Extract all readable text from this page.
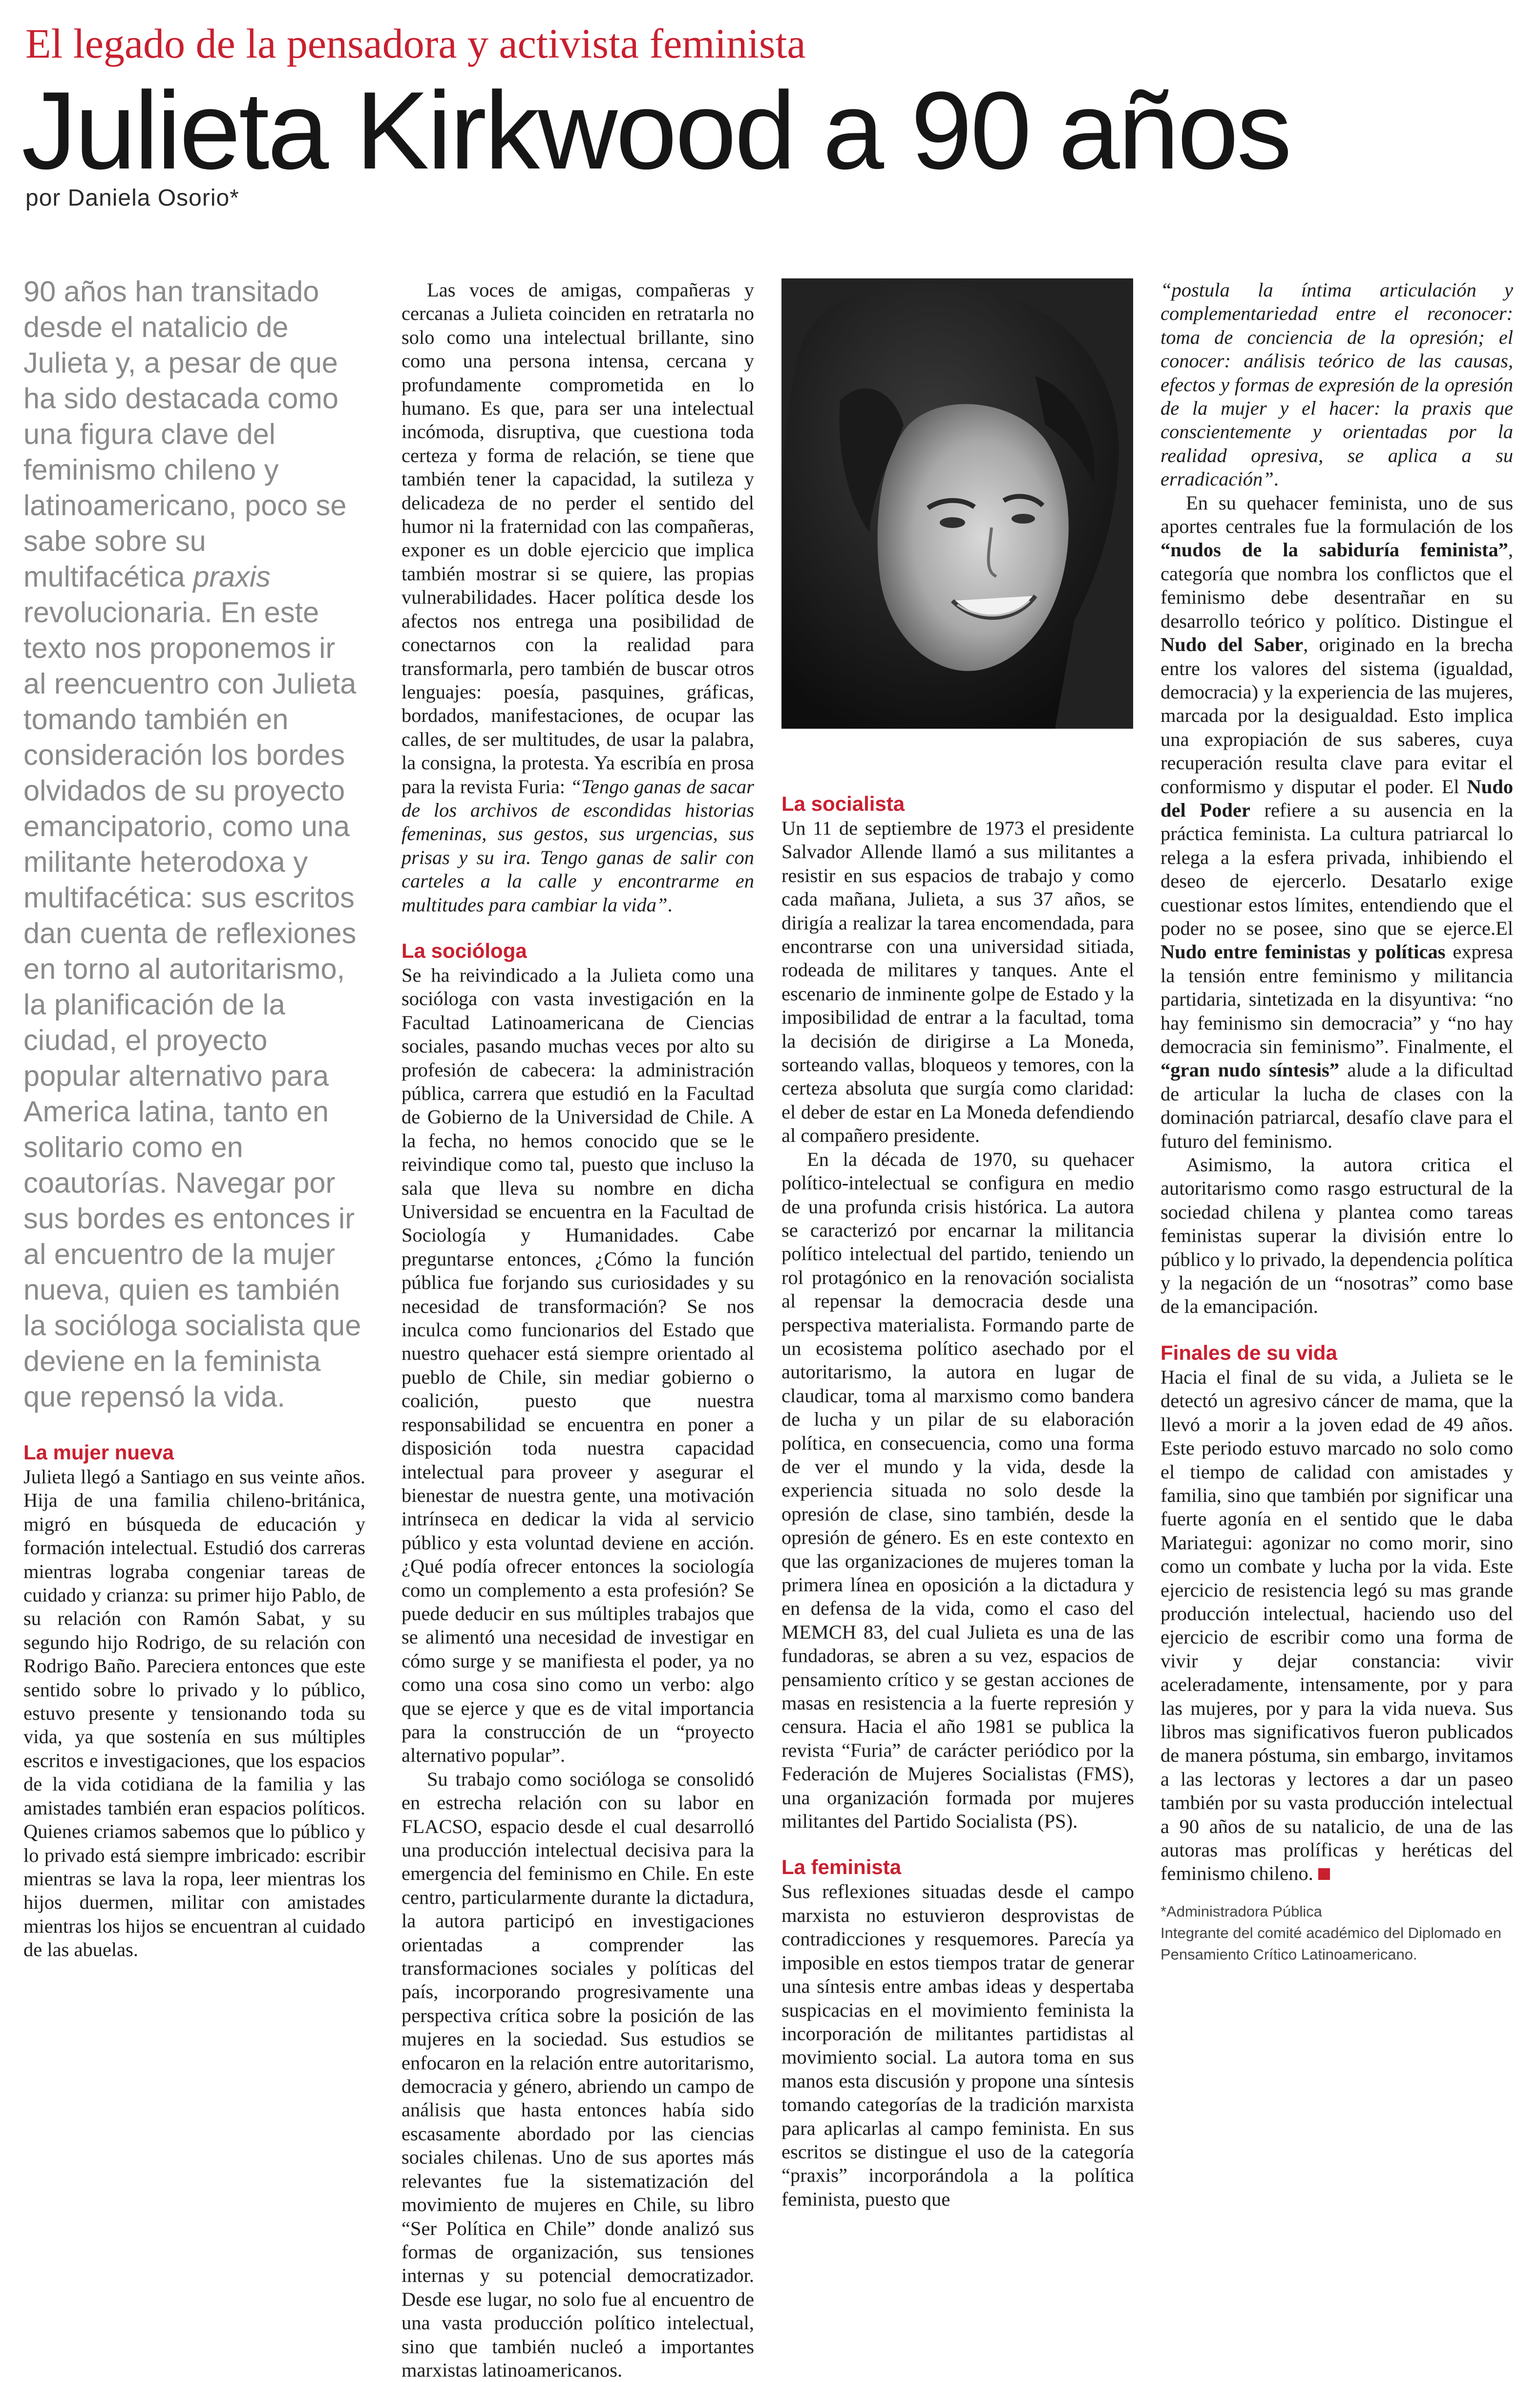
El legado de la pensadora y activista feminista
Julieta Kirkwood a 90 años
por Daniela Osorio*
90 años han transitado desde el natalicio de Julieta y, a pesar de que ha sido destacada como una figura clave del feminismo chileno y latinoamericano, poco se sabe sobre su multifacética praxis revolucionaria. En este texto nos proponemos ir al reencuentro con Julieta tomando también en consideración los bordes olvidados de su proyecto emancipatorio, como una militante heterodoxa y multifacética: sus escritos dan cuenta de reflexiones en torno al autoritarismo, la planificación de la ciudad, el proyecto popular alternativo para America latina, tanto en solitario como en coautorías. Navegar por sus bordes es entonces ir al encuentro de la mujer nueva, quien es también la socióloga socialista que deviene en la feminista que repensó la vida.
La mujer nueva

Julieta llegó a Santiago en sus veinte años. Hija de una familia chileno-británica, migró en búsqueda de educación y formación intelectual. Estudió dos carreras mientras lograba congeniar tareas de cuidado y crianza: su primer hijo Pablo, de su relación con Ramón Sabat, y su segundo hijo Rodrigo, de su relación con Rodrigo Baño. Pareciera entonces que este sentido sobre lo privado y lo público, estuvo presente y tensionando toda su vida, ya que sostenía en sus múltiples escritos e investigaciones, que los espacios de la vida cotidiana de la familia y las amistades también eran espacios políticos. Quienes criamos sabemos que lo público y lo privado está siempre imbricado: escribir mientras se lava la ropa, leer mientras los hijos duermen, militar con amistades mientras los hijos se encuentran al cuidado de las abuelas.

Las voces de amigas, compañeras y cercanas a Julieta coinciden en retratarla no solo como una intelectual brillante, sino como una persona intensa, cercana y profundamente comprometida en lo humano. Es que, para ser una intelectual incómoda, disruptiva, que cuestiona toda certeza y forma de relación, se tiene que también tener la capacidad, la sutileza y delicadeza de no perder el sentido del humor ni la fraternidad con las compañeras, exponer es un doble ejercicio que implica también mostrar si se quiere, las propias vulnerabilidades. Hacer política desde los afectos nos entrega una posibilidad de conectarnos con la realidad para transformarla, pero también de buscar otros lenguajes: poesía, pasquines, gráficas, bordados, manifestaciones, de ocupar las calles, de ser multitudes, de usar la palabra, la consigna, la protesta. Ya escribía en prosa para la revista Furia: “Tengo ganas de sacar de los archivos de escondidas historias femeninas, sus gestos, sus urgencias, sus prisas y su ira. Tengo ganas de salir con carteles a la calle y encontrarme en multitudes para cambiar la vida”.

La socióloga

Se ha reivindicado a la Julieta como una socióloga con vasta investigación en la Facultad Latinoamericana de Ciencias sociales, pasando muchas veces por alto su profesión de cabecera: la administración pública, carrera que estudió en la Facultad de Gobierno de la Universidad de Chile. A la fecha, no hemos conocido que se le reivindique como tal, puesto que incluso la sala que lleva su nombre en dicha Universidad se encuentra en la Facultad de Sociología y Humanidades. Cabe preguntarse entonces, ¿Cómo la función pública fue forjando sus curiosidades y su necesidad de transformación? Se nos inculca como funcionarios del Estado que nuestro quehacer está siempre orientado al pueblo de Chile, sin mediar gobierno o coalición, puesto que nuestra responsabilidad se encuentra en poner a disposición toda nuestra capacidad intelectual para proveer y asegurar el bienestar de nuestra gente, una motivación intrínseca en dedicar la vida al servicio público y esta voluntad deviene en acción. ¿Qué podía ofrecer entonces la sociología como un complemento a esta profesión? Se puede deducir en sus múltiples trabajos que se alimentó una necesidad de investigar en cómo surge y se manifiesta el poder, ya no como una cosa sino como un verbo: algo que se ejerce y que es de vital importancia para la construcción de un “proyecto alternativo popular”.

Su trabajo como socióloga se consolidó en estrecha relación con su labor en FLACSO, espacio desde el cual desarrolló una producción intelectual decisiva para la emergencia del feminismo en Chile. En este centro, particularmente durante la dictadura, la autora participó en investigaciones orientadas a comprender las transformaciones sociales y políticas del país, incorporando progresivamente una perspectiva crítica sobre la posición de las mujeres en la sociedad. Sus estudios se enfocaron en la relación entre autoritarismo, democracia y género, abriendo un campo de análisis que hasta entonces había sido escasamente abordado por las ciencias sociales chilenas. Uno de sus aportes más relevantes fue la sistematización del movimiento de mujeres en Chile, su libro “Ser Política en Chile” donde analizó sus formas de organización, sus tensiones internas y su potencial democratizador. Desde ese lugar, no solo fue al encuentro de una vasta producción político intelectual, sino que también nucleó a importantes marxistas latinoamericanos.

La socialista

Un 11 de septiembre de 1973 el presidente Salvador Allende llamó a sus militantes a resistir en sus espacios de trabajo y como cada mañana, Julieta, a sus 37 años, se dirigía a realizar la tarea encomendada, para encontrarse con una universidad sitiada, rodeada de militares y tanques. Ante el escenario de inminente golpe de Estado y la imposibilidad de entrar a la facultad, toma la decisión de dirigirse a La Moneda, sorteando vallas, bloqueos y temores, con la certeza absoluta que surgía como claridad: el deber de estar en La Moneda defendiendo al compañero presidente.

En la década de 1970, su quehacer político-intelectual se configura en medio de una profunda crisis histórica. La autora se caracterizó por encarnar la militancia político intelectual del partido, teniendo un rol protagónico en la renovación socialista al repensar la democracia desde una perspectiva materialista. Formando parte de un ecosistema político asechado por el autoritarismo, la autora en lugar de claudicar, toma al marxismo como bandera de lucha y un pilar de su elaboración política, en consecuencia, como una forma de ver el mundo y la vida, desde la experiencia situada no solo desde la opresión de clase, sino también, desde la opresión de género. Es en este contexto en que las organizaciones de mujeres toman la primera línea en oposición a la dictadura y en defensa de la vida, como el caso del MEMCH 83, del cual Julieta es una de las fundadoras, se abren a su vez, espacios de pensamiento crítico y se gestan acciones de masas en resistencia a la fuerte represión y censura. Hacia el año 1981 se publica la revista “Furia” de carácter periódico por la Federación de Mujeres Socialistas (FMS), una organización formada por mujeres militantes del Partido Socialista (PS).

La feminista

Sus reflexiones situadas desde el campo marxista no estuvieron desprovistas de contradicciones y resquemores. Parecía ya imposible en estos tiempos tratar de generar una síntesis entre ambas ideas y despertaba suspicacias en el movimiento feminista la incorporación de militantes partidistas al movimiento social. La autora toma en sus manos esta discusión y propone una síntesis tomando categorías de la tradición marxista para aplicarlas al campo feminista. En sus escritos se distingue el uso de la categoría “praxis” incorporándola a la política feminista, puesto que

“postula la íntima articulación y complementariedad entre el reconocer: toma de conciencia de la opresión; el conocer: análisis teórico de las causas, efectos y formas de expresión de la opresión de la mujer y el hacer: la praxis que conscientemente y orientadas por la realidad opresiva, se aplica a su erradicación”.

En su quehacer feminista, uno de sus aportes centrales fue la formulación de los “nudos de la sabiduría feminista”, categoría que nombra los conflictos que el feminismo debe desentrañar en su desarrollo teórico y político. Distingue el Nudo del Saber, originado en la brecha entre los valores del sistema (igualdad, democracia) y la experiencia de las mujeres, marcada por la desigualdad. Esto implica una expropiación de sus saberes, cuya recuperación resulta clave para evitar el conformismo y disputar el poder. El Nudo del Poder refiere a su ausencia en la práctica feminista. La cultura patriarcal lo relega a la esfera privada, inhibiendo el deseo de ejercerlo. Desatarlo exige cuestionar estos límites, entendiendo que el poder no se posee, sino que se ejerce.El Nudo entre feministas y políticas expresa la tensión entre feminismo y militancia partidaria, sintetizada en la disyuntiva: “no hay feminismo sin democracia” y “no hay democracia sin feminismo”. Finalmente, el “gran nudo síntesis” alude a la dificultad de articular la lucha de clases con la dominación patriarcal, desafío clave para el futuro del feminismo.

Asimismo, la autora critica el autoritarismo como rasgo estructural de la sociedad chilena y plantea como tareas feministas superar la división entre lo público y lo privado, la dependencia política y la negación de un “nosotras” como base de la emancipación.

Finales de su vida

Hacia el final de su vida, a Julieta se le detectó un agresivo cáncer de mama, que la llevó a morir a la joven edad de 49 años. Este periodo estuvo marcado no solo como el tiempo de calidad con amistades y familia, sino que también por significar una fuerte agonía en el sentido que le daba Mariategui: agonizar no como morir, sino como un combate y lucha por la vida. Este ejercicio de resistencia legó su mas grande producción intelectual, haciendo uso del ejercicio de escribir como una forma de vivir y dejar constancia: vivir aceleradamente, intensamente, por y para las mujeres, por y para la vida nueva. Sus libros mas significativos fueron publicados de manera póstuma, sin embargo, invitamos a las lectoras y lectores a dar un paseo también por su vasta producción intelectual a 90 años de su natalicio, de una de las autoras mas prolíficas y heréticas del feminismo chileno.

*Administradora Pública
Integrante del comité académico del Diplomado en Pensamiento Crítico Latinoamericano.
